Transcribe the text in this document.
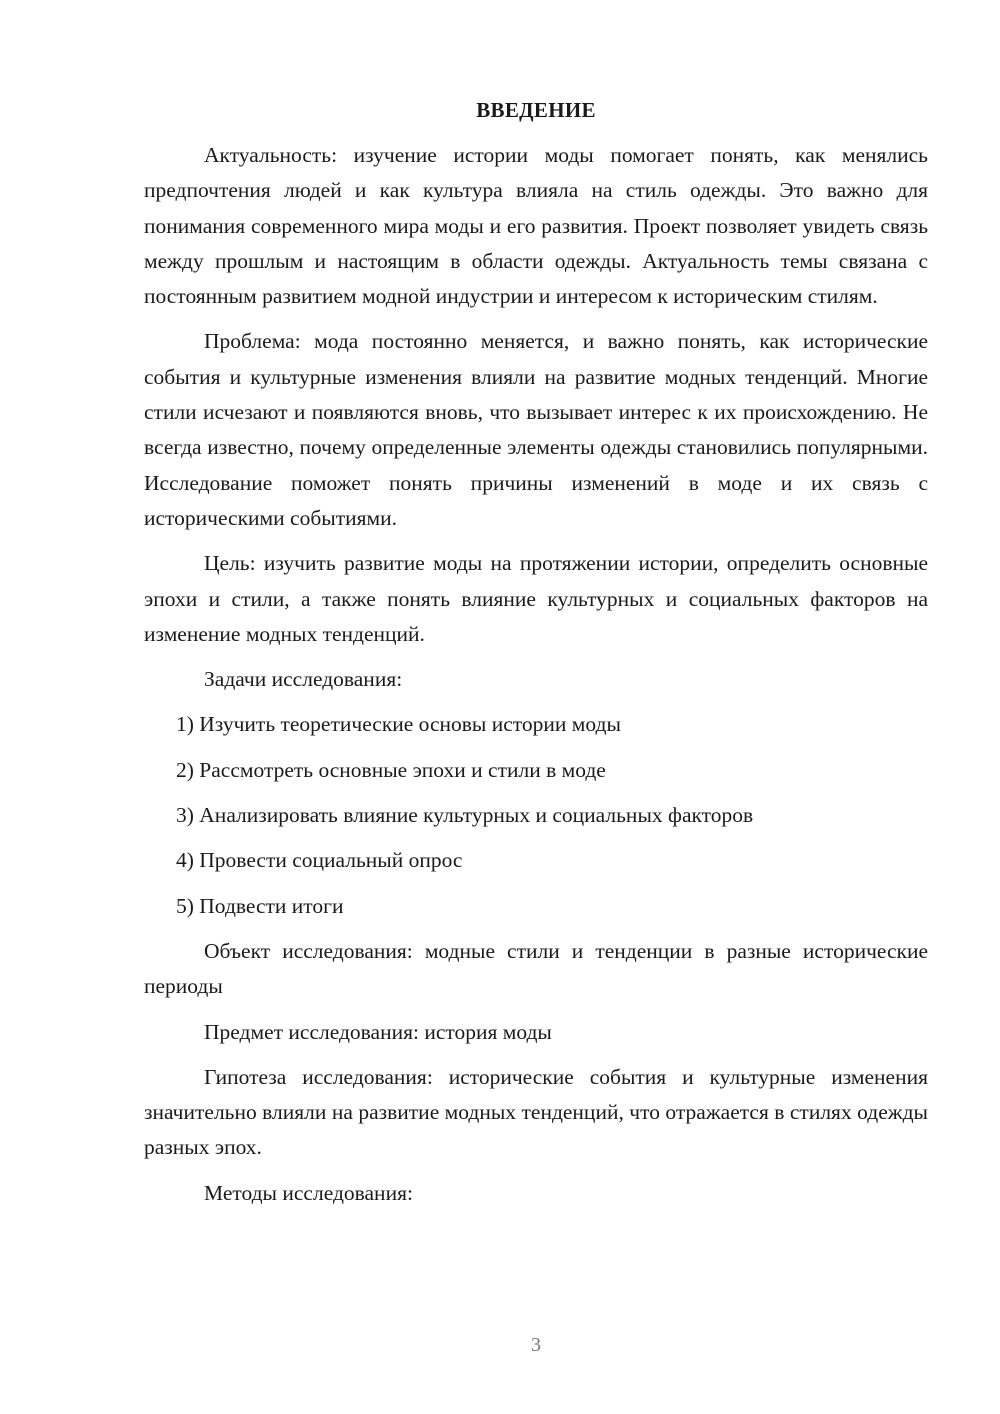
ВВЕДЕНИЕ

Актуальность: изучение истории моды помогает понять, как менялись предпочтения людей и как культура влияла на стиль одежды. Это важно для понимания современного мира моды и его развития. Проект позволяет увидеть связь между прошлым и настоящим в области одежды. Актуальность темы связана с постоянным развитием модной индустрии и интересом к историческим стилям.

Проблема: мода постоянно меняется, и важно понять, как исторические события и культурные изменения влияли на развитие модных тенденций. Многие стили исчезают и появляются вновь, что вызывает интерес к их происхождению. Не всегда известно, почему определенные элементы одежды становились популярными. Исследование поможет понять причины изменений в моде и их связь с историческими событиями.

Цель: изучить развитие моды на протяжении истории, определить основные эпохи и стили, а также понять влияние культурных и социальных факторов на изменение модных тенденций.

Задачи исследования:

1) Изучить теоретические основы истории моды
2) Рассмотреть основные эпохи и стили в моде
3) Анализировать влияние культурных и социальных факторов
4) Провести социальный опрос
5) Подвести итоги

Объект исследования: модные стили и тенденции в разные исторические периоды

Предмет исследования: история моды

Гипотеза исследования: исторические события и культурные изменения значительно влияли на развитие модных тенденций, что отражается в стилях одежды разных эпох.

Методы исследования:

3
